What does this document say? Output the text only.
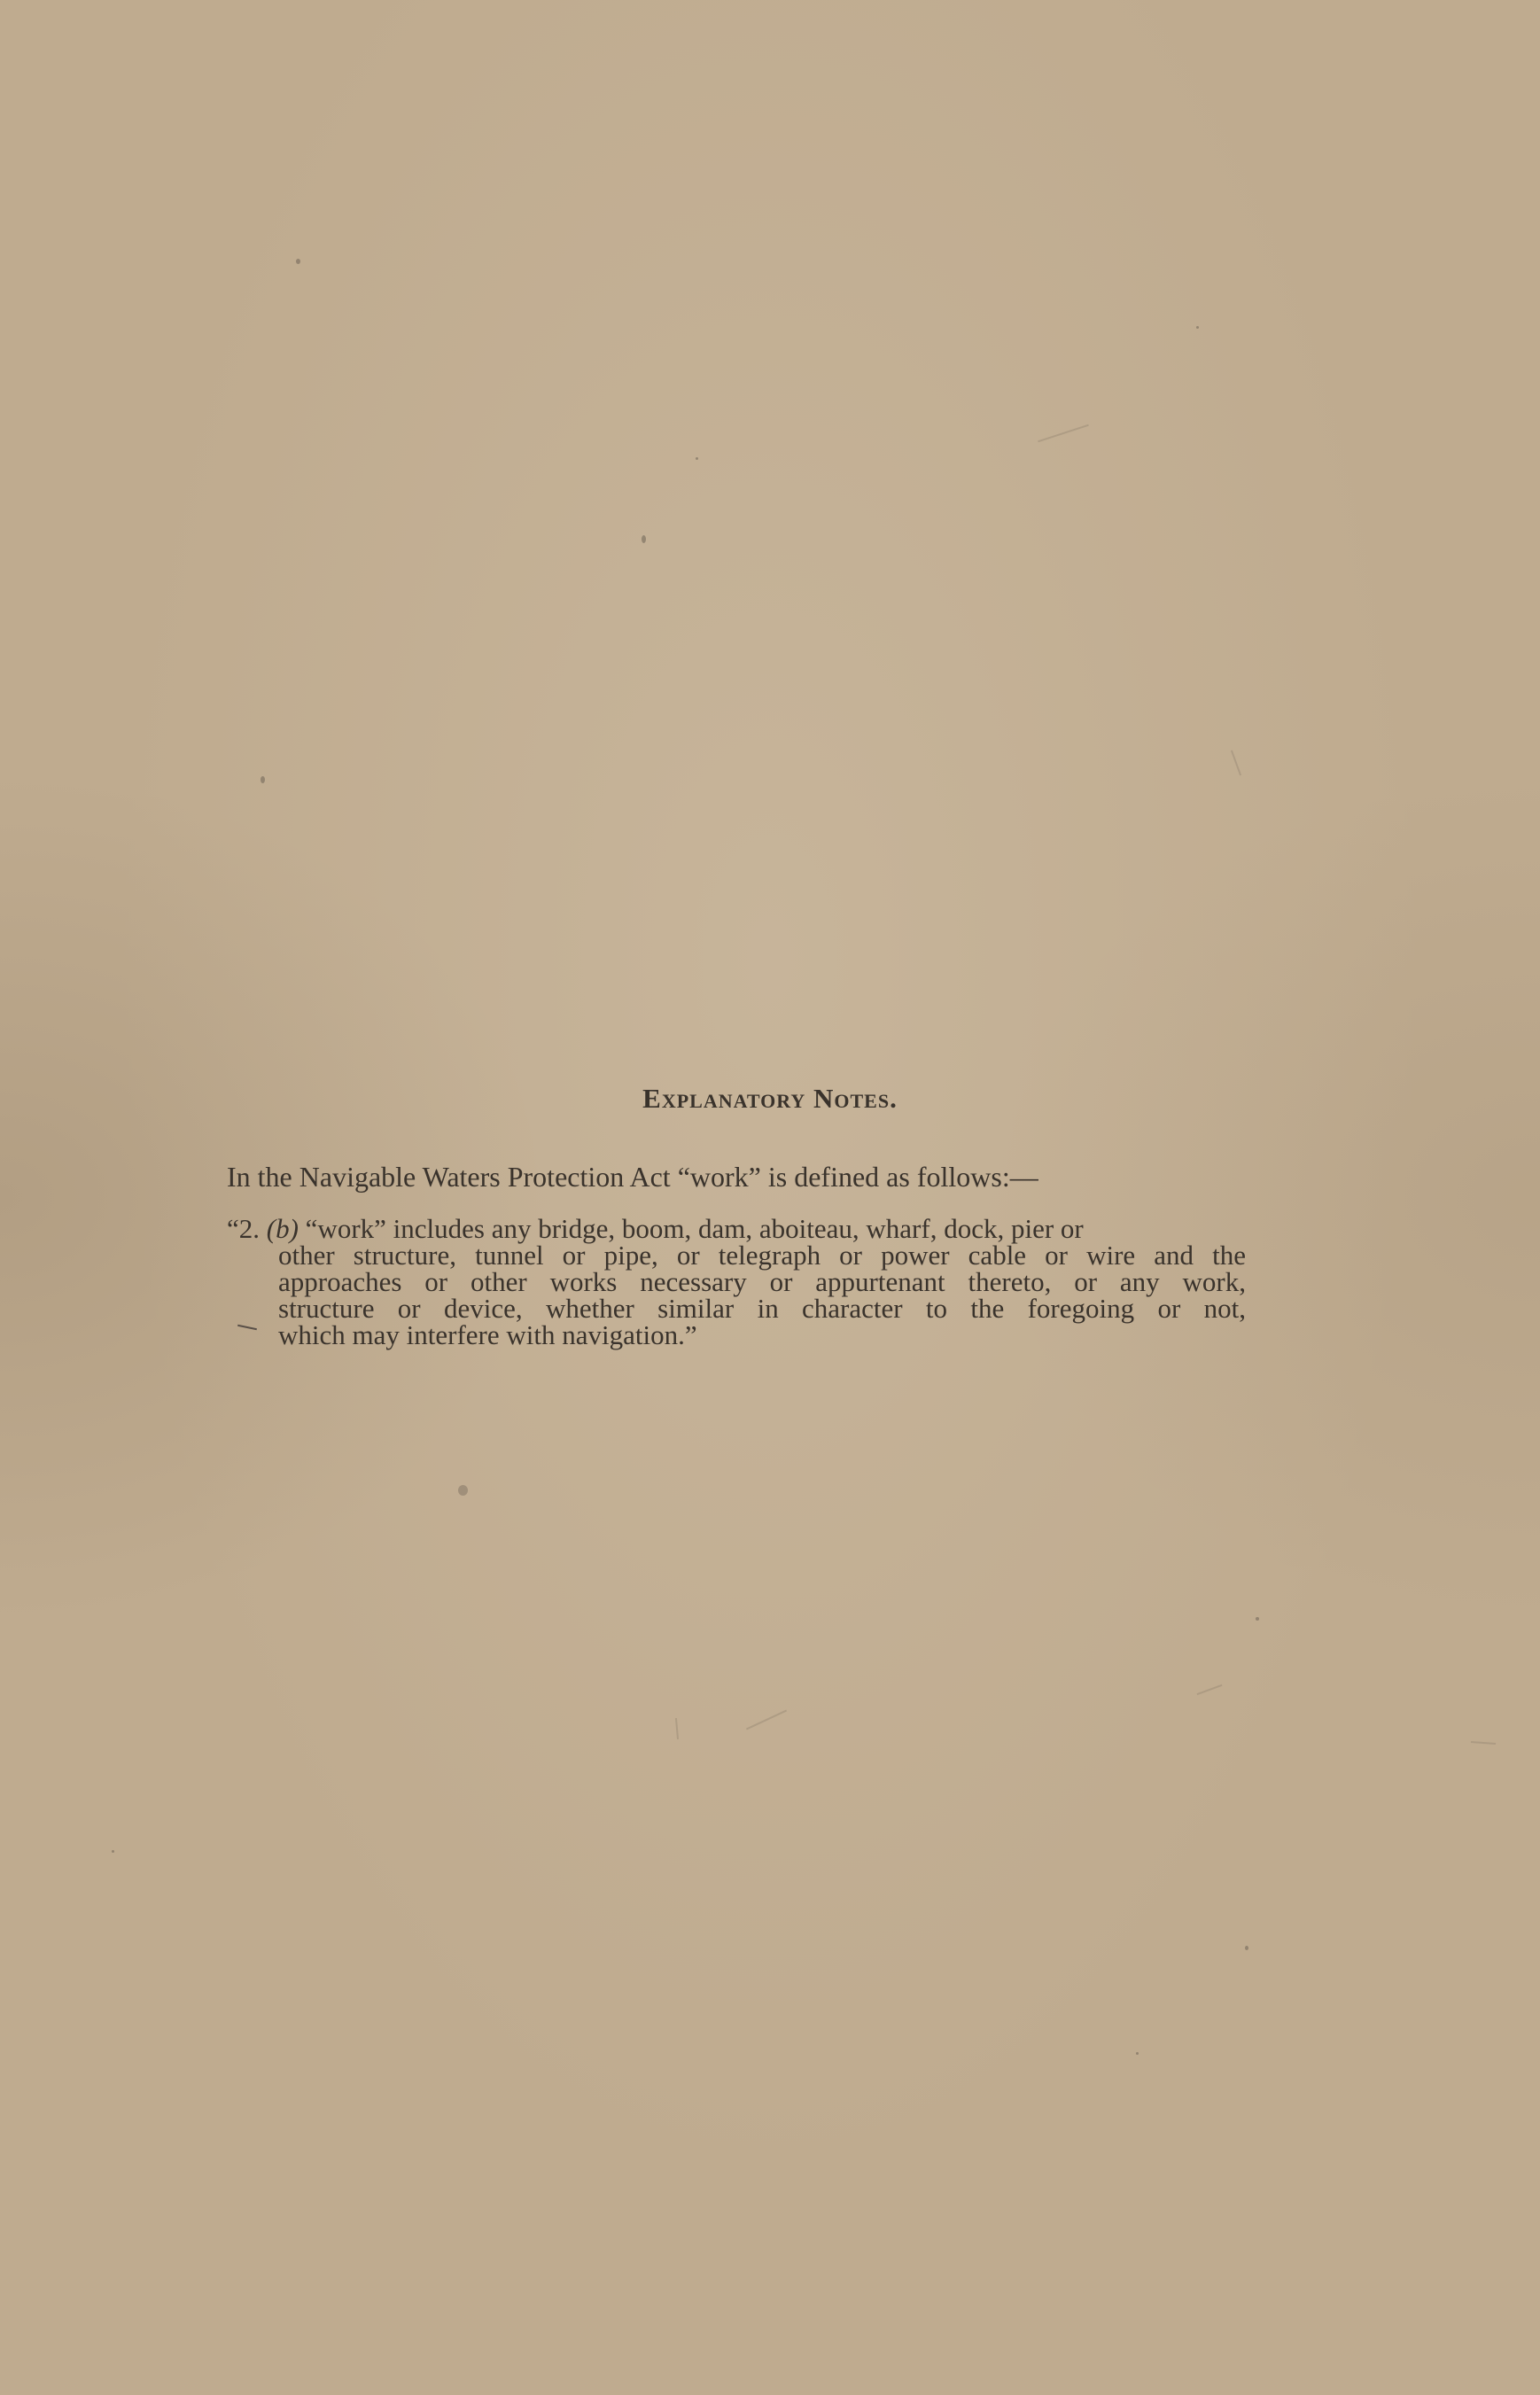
Explanatory Notes.

In the Navigable Waters Protection Act “work” is defined as follows:—

“2. (b) “work” includes any bridge, boom, dam, aboiteau, wharf, dock, pier or
other structure, tunnel or pipe, or telegraph or power cable or wire and the
approaches or other works necessary or appurtenant thereto, or any work,
structure or device, whether similar in character to the foregoing or not,
which may interfere with navigation.”
